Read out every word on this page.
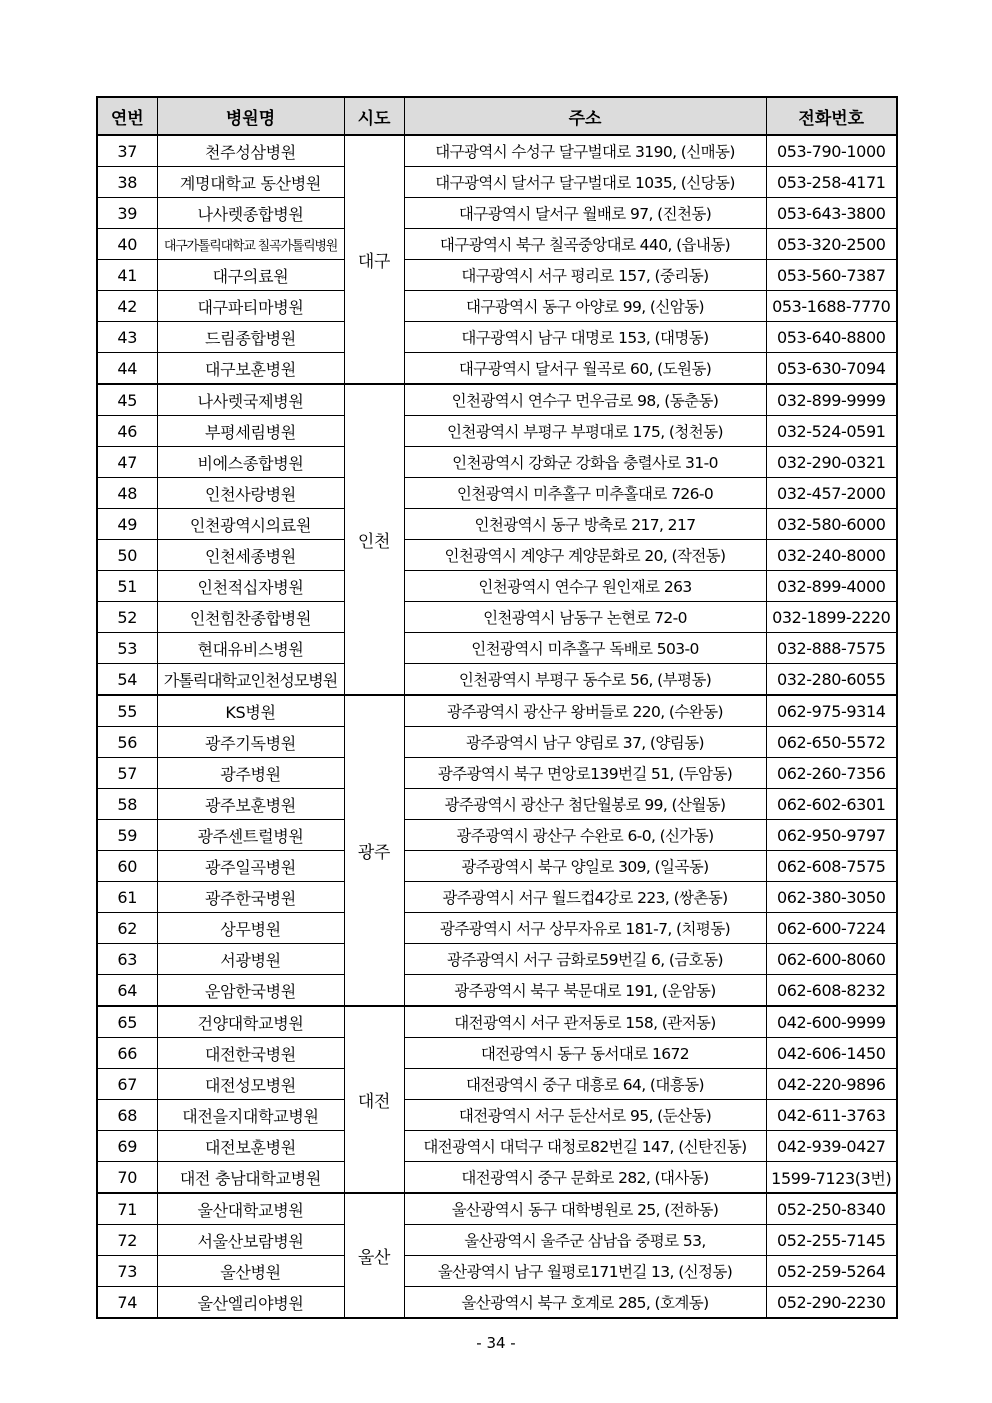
연번	병원명	시도	주소	전화번호
37	천주성삼병원	대구	대구광역시 수성구 달구벌대로 3190, (신매동)	053-790-1000
38	계명대학교 동산병원		대구광역시 달서구 달구벌대로 1035, (신당동)	053-258-4171
39	나사렛종합병원		대구광역시 달서구 월배로 97, (진천동)	053-643-3800
40	대구가톨릭대학교 칠곡가톨릭병원		대구광역시 북구 칠곡중앙대로 440, (읍내동)	053-320-2500
41	대구의료원		대구광역시 서구 평리로 157, (중리동)	053-560-7387
42	대구파티마병원		대구광역시 동구 아양로 99, (신암동)	053-1688-7770
43	드림종합병원		대구광역시 남구 대명로 153, (대명동)	053-640-8800
44	대구보훈병원		대구광역시 달서구 월곡로 60, (도원동)	053-630-7094
45	나사렛국제병원	인천	인천광역시 연수구 먼우금로 98, (동춘동)	032-899-9999
46	부평세림병원		인천광역시 부평구 부평대로 175, (청천동)	032-524-0591
47	비에스종합병원		인천광역시 강화군 강화읍 충렬사로 31-0	032-290-0321
48	인천사랑병원		인천광역시 미추홀구 미추홀대로 726-0	032-457-2000
49	인천광역시의료원		인천광역시 동구 방축로 217, 217	032-580-6000
50	인천세종병원		인천광역시 계양구 계양문화로 20, (작전동)	032-240-8000
51	인천적십자병원		인천광역시 연수구 원인재로 263	032-899-4000
52	인천힘찬종합병원		인천광역시 남동구 논현로 72-0	032-1899-2220
53	현대유비스병원		인천광역시 미추홀구 독배로 503-0	032-888-7575
54	가톨릭대학교인천성모병원		인천광역시 부평구 동수로 56, (부평동)	032-280-6055
55	KS병원	광주	광주광역시 광산구 왕버들로 220, (수완동)	062-975-9314
56	광주기독병원		광주광역시 남구 양림로 37, (양림동)	062-650-5572
57	광주병원		광주광역시 북구 면앙로139번길 51, (두암동)	062-260-7356
58	광주보훈병원		광주광역시 광산구 첨단월봉로 99, (산월동)	062-602-6301
59	광주센트럴병원		광주광역시 광산구 수완로 6-0, (신가동)	062-950-9797
60	광주일곡병원		광주광역시 북구 양일로 309, (일곡동)	062-608-7575
61	광주한국병원		광주광역시 서구 월드컵4강로 223, (쌍촌동)	062-380-3050
62	상무병원		광주광역시 서구 상무자유로 181-7, (치평동)	062-600-7224
63	서광병원		광주광역시 서구 금화로59번길 6, (금호동)	062-600-8060
64	운암한국병원		광주광역시 북구 북문대로 191, (운암동)	062-608-8232
65	건양대학교병원	대전	대전광역시 서구 관저동로 158, (관저동)	042-600-9999
66	대전한국병원		대전광역시 동구 동서대로 1672	042-606-1450
67	대전성모병원		대전광역시 중구 대흥로 64, (대흥동)	042-220-9896
68	대전을지대학교병원		대전광역시 서구 둔산서로 95, (둔산동)	042-611-3763
69	대전보훈병원		대전광역시 대덕구 대청로82번길 147, (신탄진동)	042-939-0427
70	대전 충남대학교병원		대전광역시 중구 문화로 282, (대사동)	1599-7123(3번)
71	울산대학교병원	울산	울산광역시 동구 대학병원로 25, (전하동)	052-250-8340
72	서울산보람병원		울산광역시 울주군 삼남읍 중평로 53,	052-255-7145
73	울산병원		울산광역시 남구 월평로171번길 13, (신정동)	052-259-5264
74	울산엘리야병원		울산광역시 북구 호계로 285, (호계동)	052-290-2230
- 34 -
